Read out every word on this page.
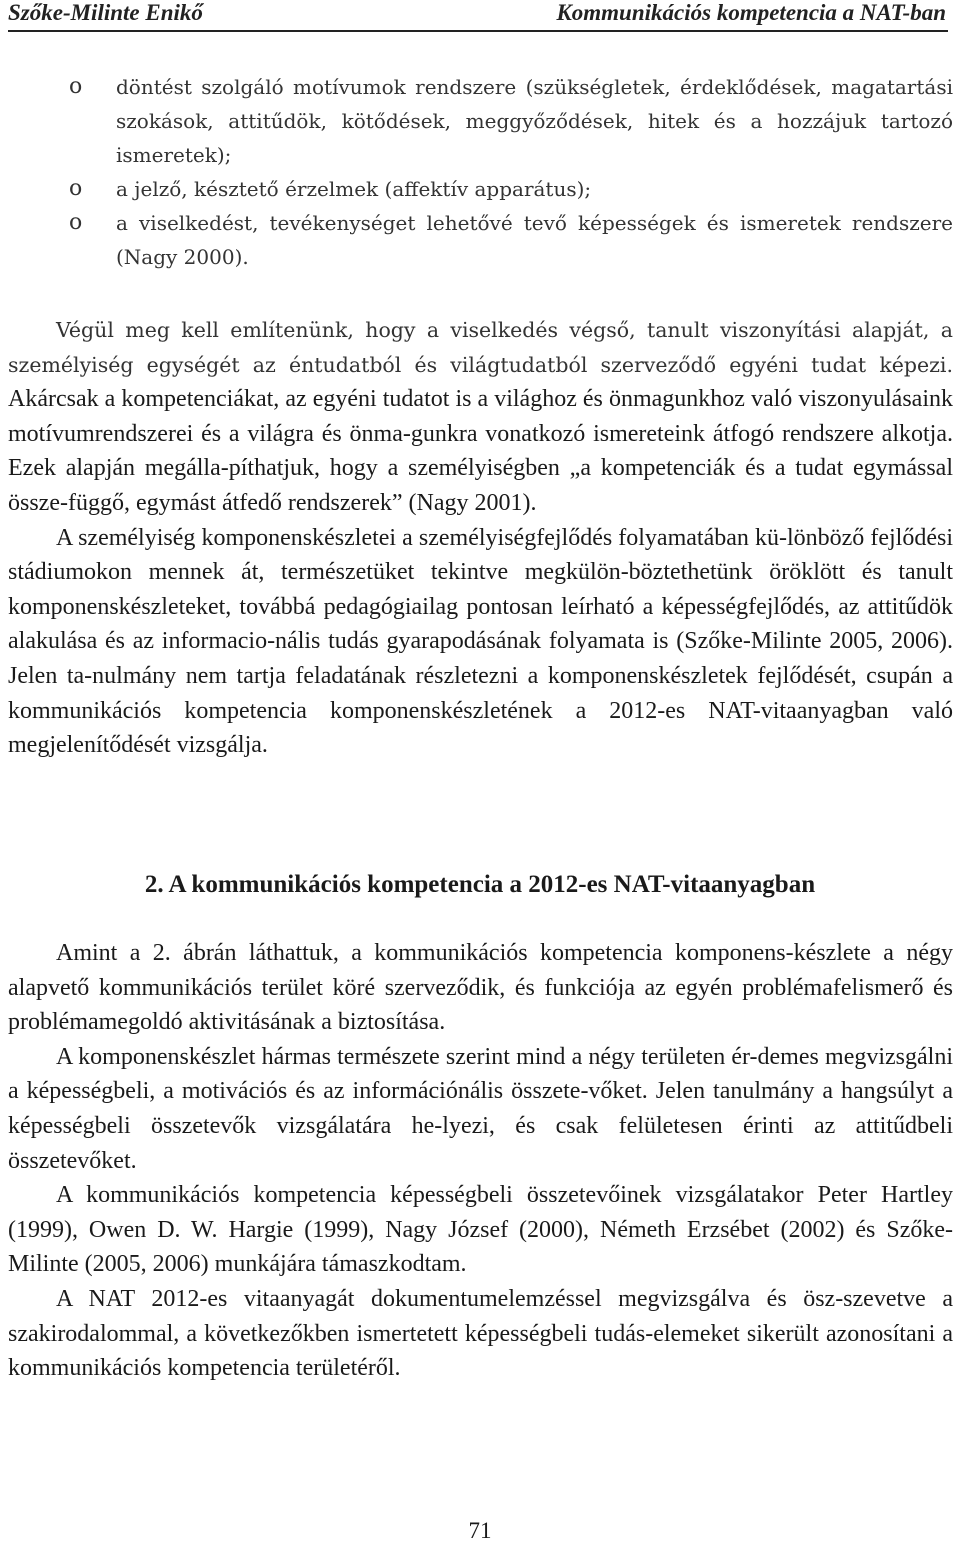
Szőke-Milinte Enikő	Kommunikációs kompetencia a NAT-ban
o döntést szolgáló motívumok rendszere (szükségletek, érdeklődések, magatartási szokások, attitűdök, kötődések, meggyőződések, hitek és a hozzájuk tartozó ismeretek);
o a jelző, késztető érzelmek (affektív apparátus);
o a viselkedést, tevékenységet lehetővé tevő képességek és ismeretek rendszere (Nagy 2000).

Végül meg kell említenünk, hogy a viselkedés végső, tanult viszonyítási alapját, a személyiség egységét az éntudatból és világtudatból szerveződő egyéni tudat képezi. Akárcsak a kompetenciákat, az egyéni tudatot is a világhoz és önmagunkhoz való viszonyulásaink motívumrendszerei és a világra és önma-gunkra vonatkozó ismereteink átfogó rendszere alkotja. Ezek alapján megálla-píthatjuk, hogy a személyiségben „a kompetenciák és a tudat egymással össze-függő, egymást átfedő rendszerek” (Nagy 2001).

A személyiség komponenskészletei a személyiségfejlődés folyamatában kü-lönböző fejlődési stádiumokon mennek át, természetüket tekintve megkülön-böztethetünk öröklött és tanult komponenskészleteket, továbbá pedagógiailag pontosan leírható a képességfejlődés, az attitűdök alakulása és az informacio-nális tudás gyarapodásának folyamata is (Szőke-Milinte 2005, 2006). Jelen ta-nulmány nem tartja feladatának részletezni a komponenskészletek fejlődését, csupán a kommunikációs kompetencia komponenskészletének a 2012-es NAT-vitaanyagban való megjelenítődését vizsgálja.

2. A kommunikációs kompetencia a 2012-es NAT-vitaanyagban

Amint a 2. ábrán láthattuk, a kommunikációs kompetencia komponens-készlete a négy alapvető kommunikációs terület köré szerveződik, és funkciója az egyén problémafelismerő és problémamegoldó aktivitásának a biztosítása.

A komponenskészlet hármas természete szerint mind a négy területen ér-demes megvizsgálni a képességbeli, a motivációs és az információnális összete-vőket. Jelen tanulmány a hangsúlyt a képességbeli összetevők vizsgálatára he-lyezi, és csak felületesen érinti az attitűdbeli összetevőket.

A kommunikációs kompetencia képességbeli összetevőinek vizsgálatakor Peter Hartley (1999), Owen D. W. Hargie (1999), Nagy József (2000), Németh Erzsébet (2002) és Szőke-Milinte (2005, 2006) munkájára támaszkodtam.

A NAT 2012-es vitaanyagát dokumentumelemzéssel megvizsgálva és ösz-szevetve a szakirodalommal, a következőkben ismertetett képességbeli tudás-elemeket sikerült azonosítani a kommunikációs kompetencia területéről.

71
